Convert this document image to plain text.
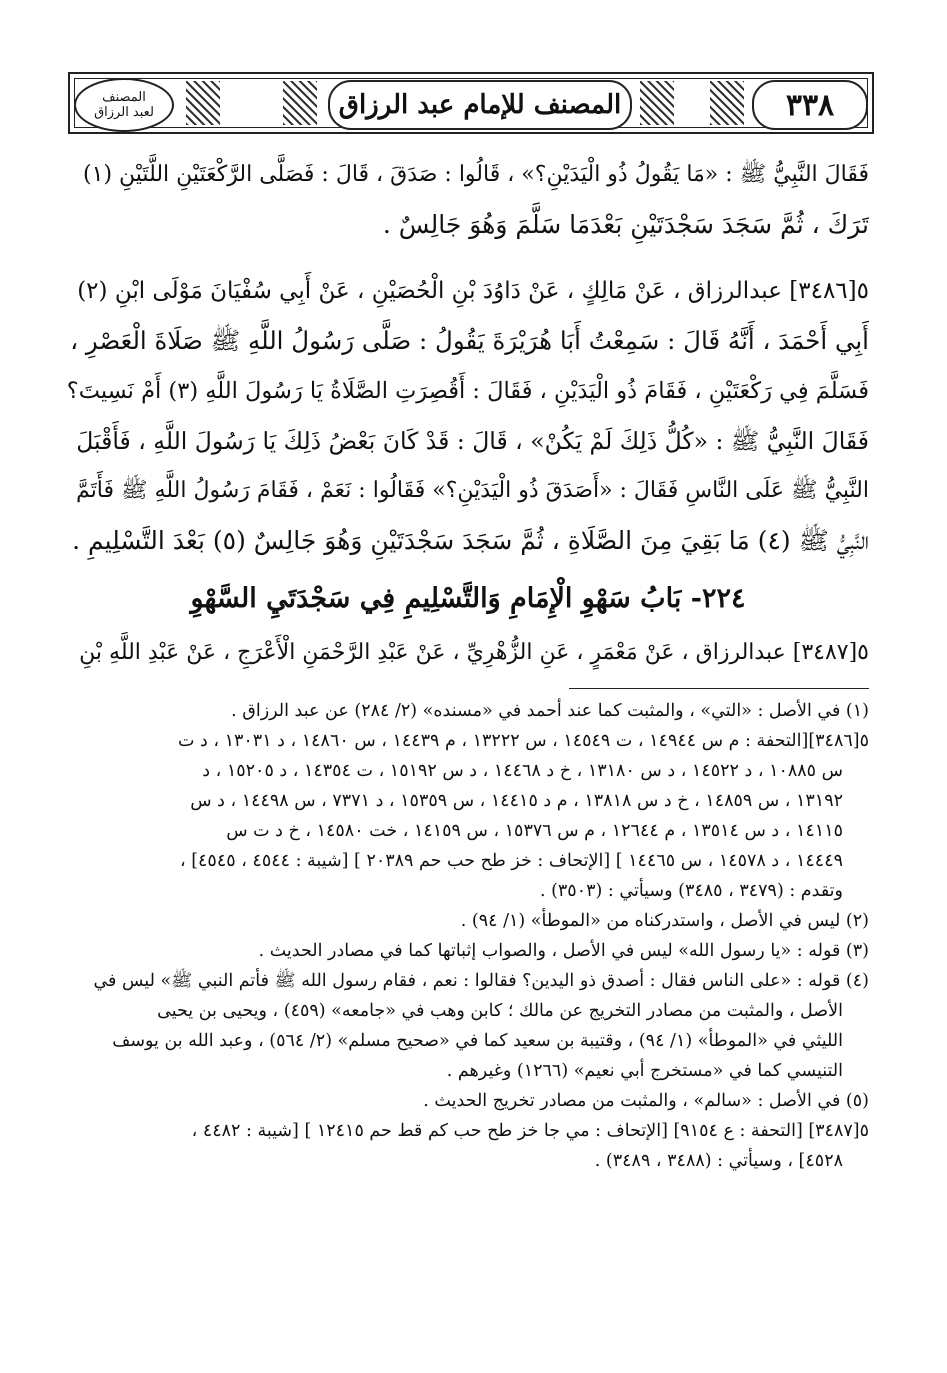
٣٣٨
المصنف للإمام عبد الرزاق
المصنف
لعبد الرزاق
فَقَالَ النَّبِيُّ ﷺ : «مَا يَقُولُ ذُو الْيَدَيْنِ؟» ، قَالُوا : صَدَقَ ، قَالَ : فَصَلَّى الرَّكْعَتَيْنِ اللَّتَيْنِ (١)
تَرَكَ ، ثُمَّ سَجَدَ سَجْدَتَيْنِ بَعْدَمَا سَلَّمَ وَهُوَ جَالِسٌ .
٥[٣٤٨٦] عبدالرزاق ، عَنْ مَالِكٍ ، عَنْ دَاوُدَ بْنِ الْحُصَيْنِ ، عَنْ أَبِي سُفْيَانَ مَوْلَى ابْنِ (٢)
أَبِي أَحْمَدَ ، أَنَّهُ قَالَ : سَمِعْتُ أَبَا هُرَيْرَةَ يَقُولُ : صَلَّى رَسُولُ اللَّهِ ﷺ صَلَاةَ الْعَصْرِ ،
فَسَلَّمَ فِي رَكْعَتَيْنِ ، فَقَامَ ذُو الْيَدَيْنِ ، فَقَالَ : أَقُصِرَتِ الصَّلَاةُ يَا رَسُولَ اللَّهِ (٣) أَمْ نَسِيتَ؟
فَقَالَ النَّبِيُّ ﷺ : «كُلُّ ذَلِكَ لَمْ يَكُنْ» ، قَالَ : قَدْ كَانَ بَعْضُ ذَلِكَ يَا رَسُولَ اللَّهِ ، فَأَقْبَلَ
النَّبِيُّ ﷺ عَلَى النَّاسِ فَقَالَ : «أَصَدَقَ ذُو الْيَدَيْنِ؟» فَقَالُوا : نَعَمْ ، فَقَامَ رَسُولُ اللَّهِ ﷺ فَأَتَمَّ
النَّبِيُّ ﷺ (٤) مَا بَقِيَ مِنَ الصَّلَاةِ ، ثُمَّ سَجَدَ سَجْدَتَيْنِ وَهُوَ جَالِسٌ (٥) بَعْدَ التَّسْلِيمِ .
٢٢٤- بَابُ سَهْوِ الْإِمَامِ وَالتَّسْلِيمِ فِي سَجْدَتَيِ السَّهْوِ
٥[٣٤٨٧] عبدالرزاق ، عَنْ مَعْمَرٍ ، عَنِ الزُّهْرِيِّ ، عَنْ عَبْدِ الرَّحْمَنِ الْأَعْرَجِ ، عَنْ عَبْدِ اللَّهِ بْنِ
(١) في الأصل : «التي» ، والمثبت كما عند أحمد في «مسنده» (٢/ ٢٨٤) عن عبد الرزاق .
٥[٣٤٨٦][التحفة : م س ١٤٩٤٤ ، ت ١٤٥٤٩ ، س ١٣٢٢٢ ، م ١٤٤٣٩ ، س ١٤٨٦٠ ، د ١٣٠٣١ ، د ت
س ١٠٨٨٥ ، د ١٤٥٢٢ ، د س ١٣١٨٠ ، خ د ١٤٤٦٨ ، د س ١٥١٩٢ ، ت ١٤٣٥٤ ، د ١٥٢٠٥ ، د
١٣١٩٢ ، س ١٤٨٥٩ ، خ د س ١٣٨١٨ ، م د ١٤٤١٥ ، س ١٥٣٥٩ ، د ٧٣٧١ ، س ١٤٤٩٨ ، د س
١٤١١٥ ، د س ١٣٥١٤ ، م ١٢٦٤٤ ، م س ١٥٣٧٦ ، س ١٤١٥٩ ، خت ١٤٥٨٠ ، خ د ت س
١٤٤٤٩ ، د ١٤٥٧٨ ، س ١٤٤٦٥ ] [الإتحاف : خز طح حب حم ٢٠٣٨٩ ] [شيبة : ٤٥٤٤ ، ٤٥٤٥] ،
وتقدم : (٣٤٧٩ ، ٣٤٨٥) وسيأتي : (٣٥٠٣) .
(٢) ليس في الأصل ، واستدركناه من «الموطأ» (١/ ٩٤) .
(٣) قوله : «يا رسول الله» ليس في الأصل ، والصواب إثباتها كما في مصادر الحديث .
(٤) قوله : «على الناس فقال : أصدق ذو اليدين؟ فقالوا : نعم ، فقام رسول الله ﷺ فأتم النبي ﷺ» ليس في
الأصل ، والمثبت من مصادر التخريج عن مالك ؛ كابن وهب في «جامعه» (٤٥٩) ، ويحيى بن يحيى
الليثي في «الموطأ» (١/ ٩٤) ، وقتيبة بن سعيد كما في «صحيح مسلم» (٢/ ٥٦٤) ، وعبد الله بن يوسف
التنيسي كما في «مستخرج أبي نعيم» (١٢٦٦) وغيرهم .
(٥) في الأصل : «سالم» ، والمثبت من مصادر تخريج الحديث .
٥[٣٤٨٧] [التحفة : ع ٩١٥٤] [الإتحاف : مي جا خز طح حب كم قط حم ١٢٤١٥ ] [شيبة : ٤٤٨٢ ،
٤٥٢٨] ، وسيأتي : (٣٤٨٨ ، ٣٤٨٩) .
